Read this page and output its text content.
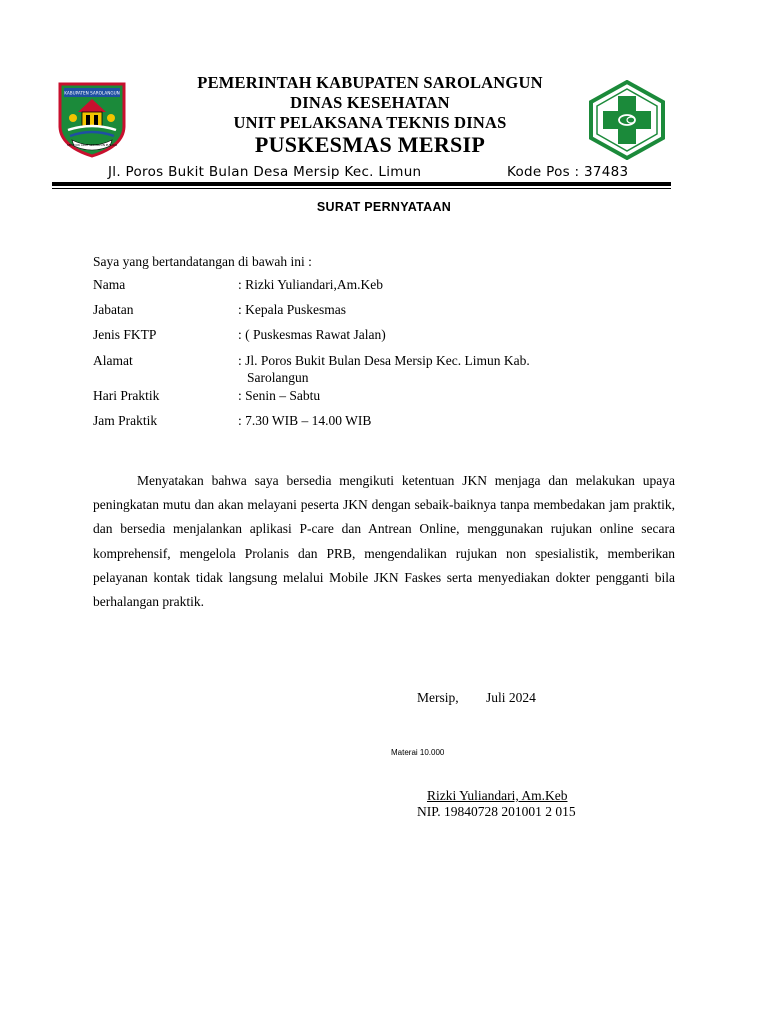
KABUPATEN SAROLANGUN
SEPUCUK ADAT SERUMPUN PUSAKO
PEMERINTAH KABUPATEN SAROLANGUN
DINAS KESEHATAN
UNIT PELAKSANA TEKNIS DINAS
PUSKESMAS MERSIP
Jl. Poros Bukit Bulan Desa Mersip Kec. Limun	Kode Pos : 37483
SURAT PERNYATAAN
Saya yang bertandatangan di bawah ini :
Nama	: Rizki Yuliandari,Am.Keb
Jabatan	: Kepala Puskesmas
Jenis FKTP	: ( Puskesmas Rawat Jalan)
Alamat	: Jl. Poros Bukit Bulan Desa Mersip Kec. Limun Kab.
Sarolangun
Hari Praktik	: Senin – Sabtu
Jam Praktik	: 7.30 WIB – 14.00 WIB
Menyatakan bahwa saya bersedia mengikuti ketentuan JKN menjaga dan melakukan upaya peningkatan mutu dan akan melayani peserta JKN dengan sebaik-baiknya tanpa membedakan jam praktik, dan bersedia menjalankan aplikasi P-care dan Antrean Online, menggunakan rujukan online secara komprehensif, mengelola Prolanis dan PRB, mengendalikan rujukan non spesialistik, memberikan pelayanan kontak tidak langsung melalui Mobile JKN Faskes serta menyediakan dokter pengganti bila berhalangan praktik.
Mersip, Juli 2024
Materai 10.000
Rizki Yuliandari, Am.Keb
NIP. 19840728 201001 2 015
